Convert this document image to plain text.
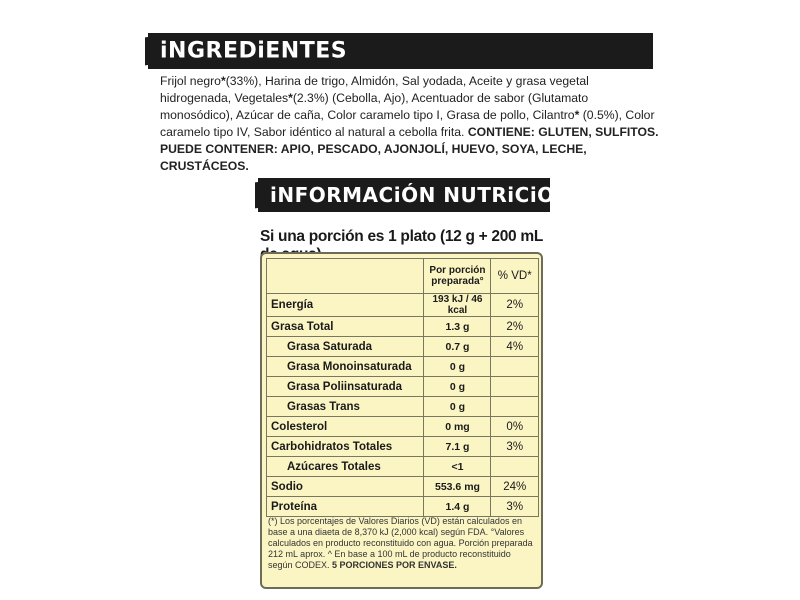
iNGREDiENTES
Frijol negro*(33%), Harina de trigo, Almidón, Sal yodada, Aceite y grasa vegetal hidrogenada, Vegetales*(2.3%) (Cebolla, Ajo), Acentuador de sabor (Glutamato monosódico), Azúcar de caña, Color caramelo tipo I, Grasa de pollo, Cilantro* (0.5%), Color caramelo tipo IV, Sabor idéntico al natural a cebolla frita. CONTIENE: GLUTEN, SULFITOS. PUEDE CONTENER: APIO, PESCADO, AJONJOLÍ, HUEVO, SOYA, LECHE, CRUSTÁCEOS.
iNFORMACiÓN NUTRiCiONAL
Si una porción es 1 plato (12 g + 200 mL
	Por porción preparada°	% VD*
Energía	193 kJ / 46 kcal	2%
Grasa Total	1.3 g	2%
Grasa Saturada	0.7 g	4%
Grasa Monoinsaturada	0 g	
Grasa Poliinsaturada	0 g	
Grasas Trans	0 g	
Colesterol	0 mg	0%
Carbohidratos Totales	7.1 g	3%
Azúcares Totales	<1	
Sodio	553.6 mg	24%
Proteína	1.4 g	3%
(*) Los porcentajes de Valores Diarios (VD) están calculados en base a una diaeta de 8,370 kJ (2,000 kcal) según FDA. °Valores calculados en producto reconstituido con agua. Porción preparada 212 mL aprox. ^ En base a 100 mL de producto reconstituido según CODEX. 5 PORCIONES POR ENVASE.
